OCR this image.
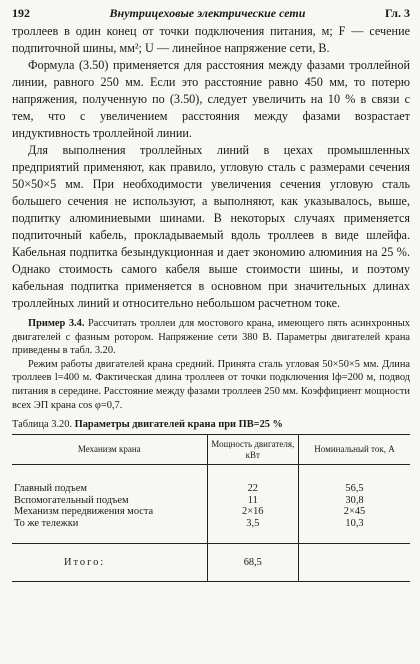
192	Внутрицеховые электрические сети	Гл. 3

троллеев в один конец от точки подключения питания, м; F — сечение подпиточной шины, мм²; U — линейное напряжение сети, В.

Формула (3.50) применяется для расстояния между фазами троллейной линии, равного 250 мм. Если это расстояние равно 450 мм, то потерю напряжения, полученную по (3.50), следует увеличить на 10 % в связи с тем, что с увеличением расстояния между фазами возрастает индуктивность троллейной линии.

Для выполнения троллейных линий в цехах промышленных предприятий применяют, как правило, угловую сталь с размерами сечения 50×50×5 мм. При необходимости увеличения сечения угловую сталь большего сечения не используют, а выполняют, как указывалось, выше, подпитку алюминиевыми шинами. В некоторых случаях применяется подпиточный кабель, прокладываемый вдоль троллеев в виде шлейфа. Кабельная подпитка безындукционная и дает экономию алюминия на 25 %. Однако стоимость самого кабеля выше стоимости шины, и поэтому кабельная подпитка применяется в основном при значительных длинах троллейных линий и относительно небольшом расчетном токе.

Пример 3.4. Рассчитать троллеи для мостового крана, имеющего пять асинхронных двигателей с фазным ротором. Напряжение сети 380 В. Параметры двигателей крана приведены в табл. 3.20.

Режим работы двигателей крана средний. Принята сталь угловая 50×50×5 мм. Длина троллеев l=400 м. Фактическая длина троллеев от точки подключения lф=200 м, подвод питания в середине. Расстояние между фазами троллеев 250 мм. Коэффициент мощности всех ЭП крана cos φ=0,7.

Таблица 3.20. Параметры двигателей крана при ПВ=25 %
Механизм крана	Мощность двигателя, кВт	Номинальный ток, А
Главный подъем	22	56,5
Вспомогательный подъем	11	30,8
Механизм передвижения моста	2×16	2×45
То же тележки	3,5	10,3
Итого:	68,5	
